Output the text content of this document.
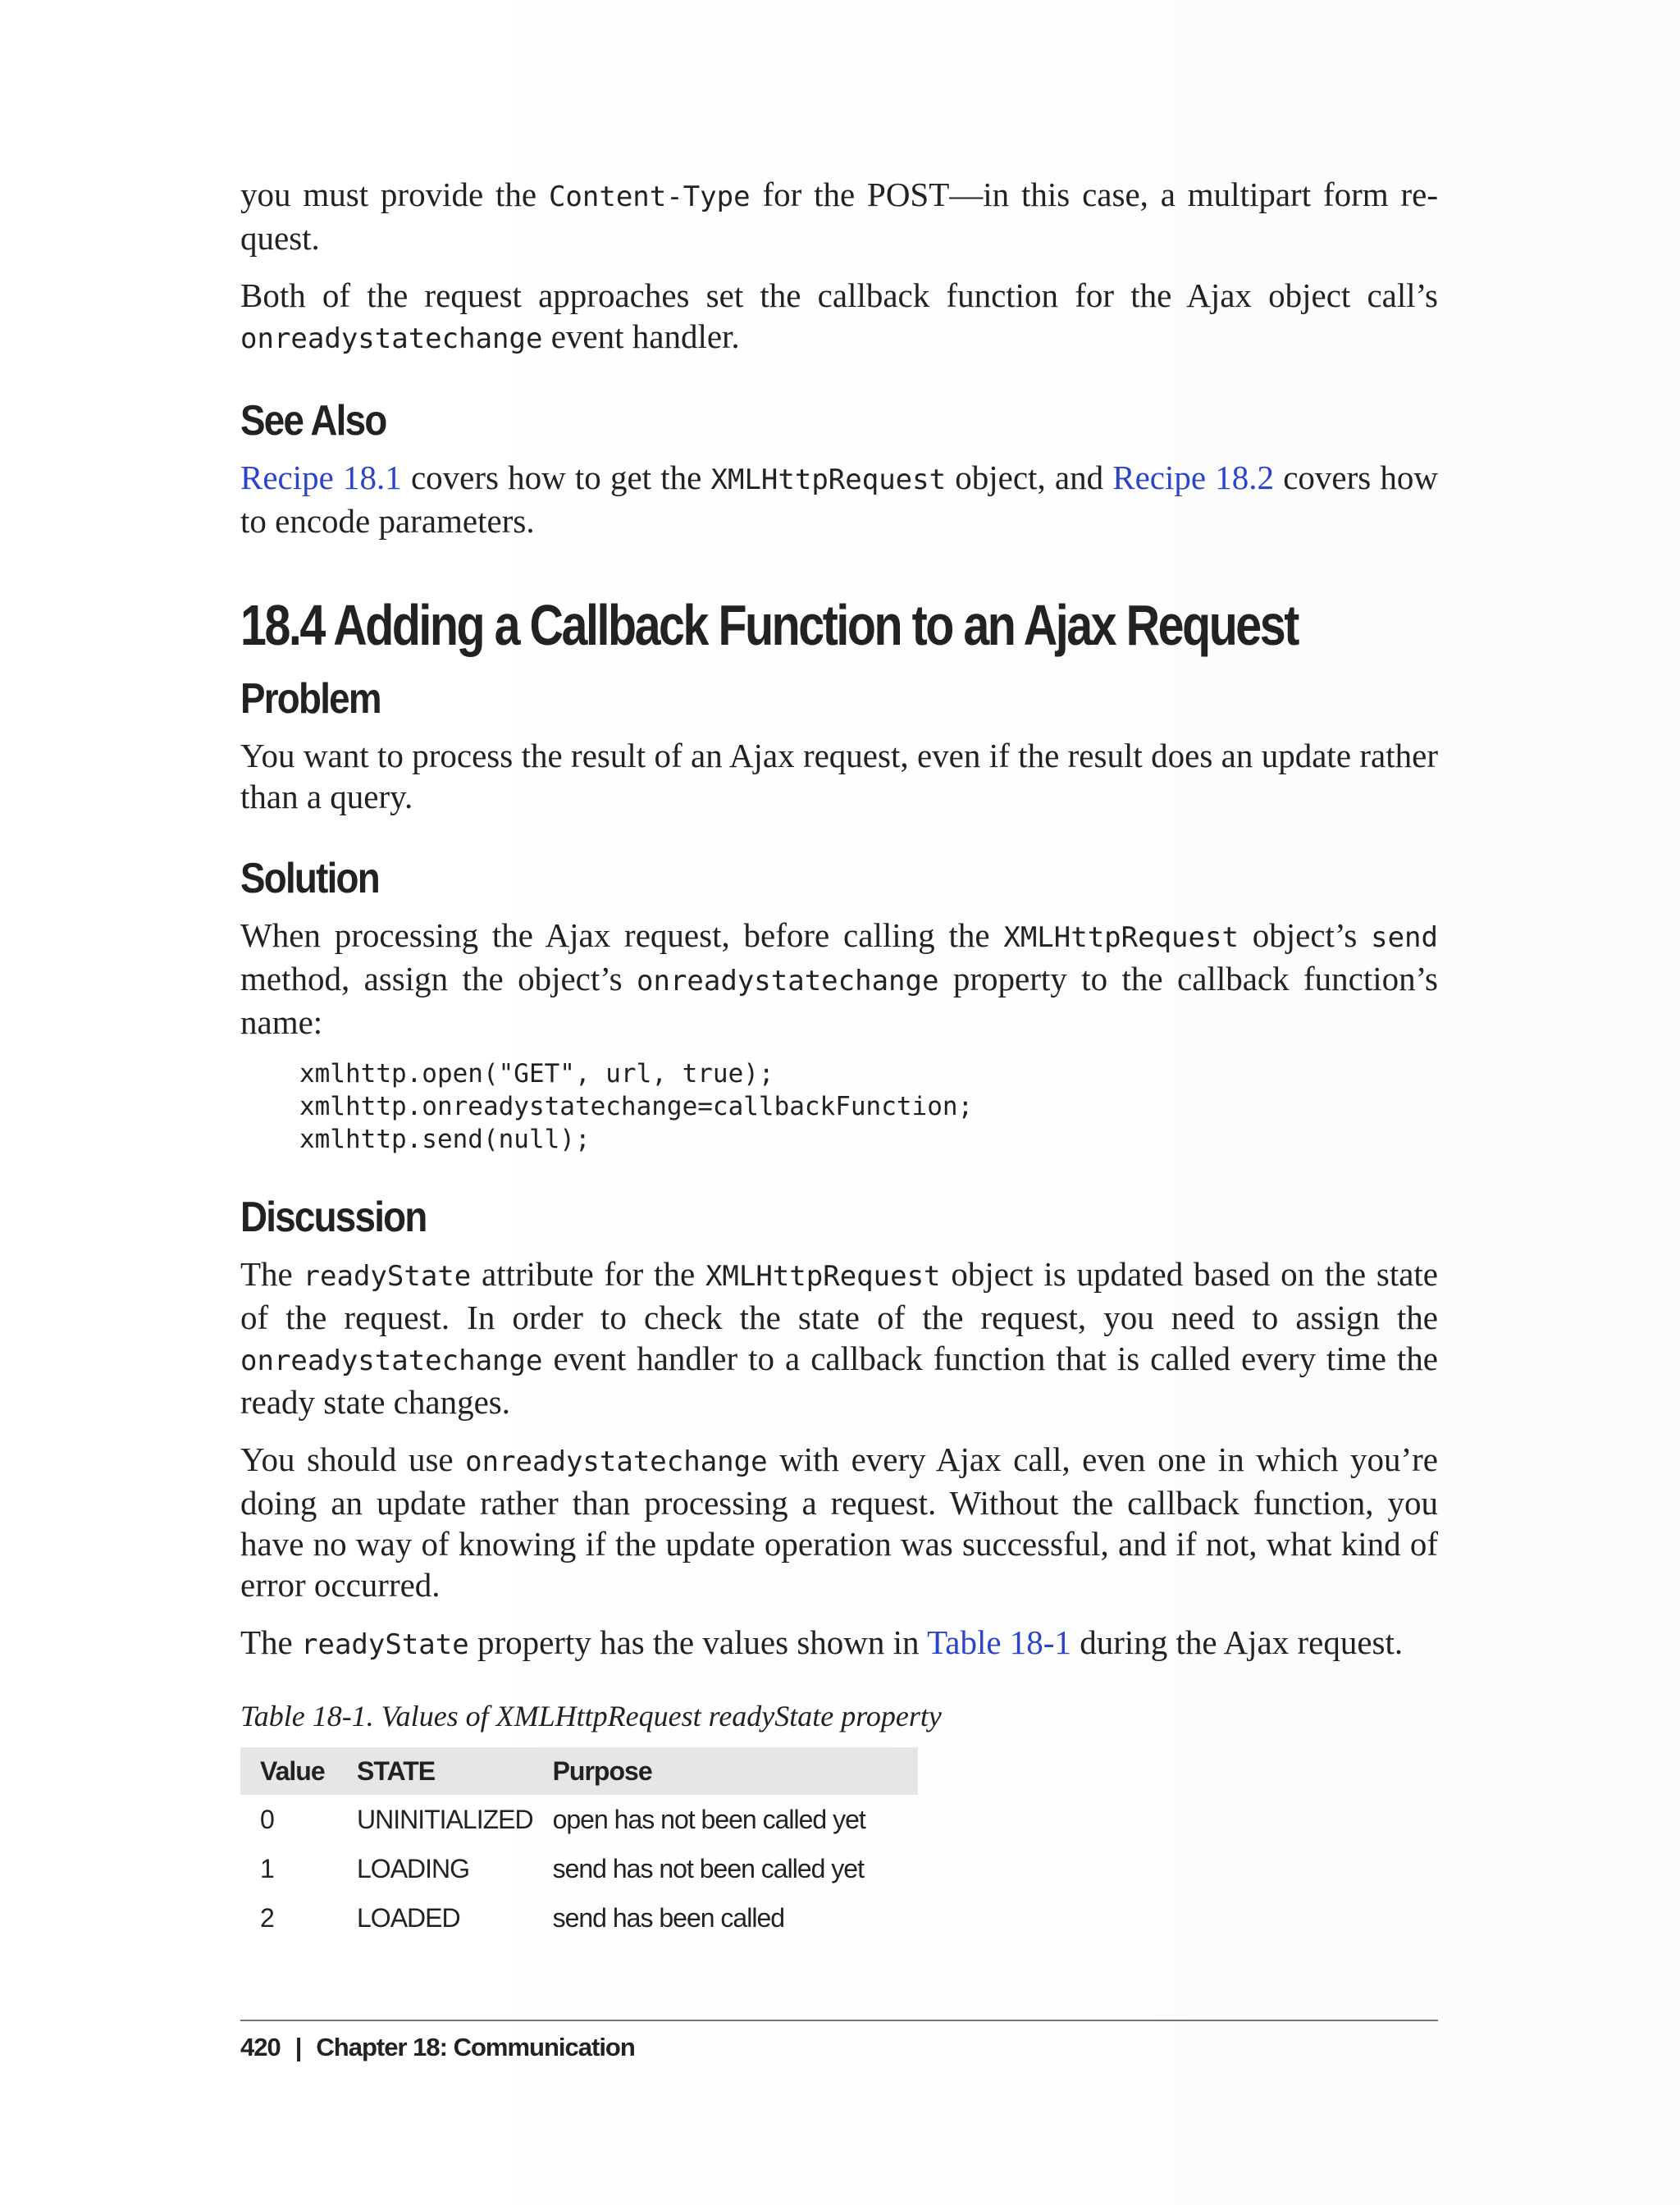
you must provide the Content-Type for the POST—in this case, a multipart form re-quest.

Both of the request approaches set the callback function for the Ajax object call’s onreadystatechange event handler.

See Also

Recipe 18.1 covers how to get the XMLHttpRequest object, and Recipe 18.2 covers how to encode parameters.

18.4 Adding a Callback Function to an Ajax Request
Problem

You want to process the result of an Ajax request, even if the result does an update rather than a query.

Solution

When processing the Ajax request, before calling the XMLHttpRequest object’s send method, assign the object’s onreadystatechange property to the callback function’s name:

xmlhttp.open("GET", url, true);
xmlhttp.onreadystatechange=callbackFunction;
xmlhttp.send(null);
Discussion

The readyState attribute for the XMLHttpRequest object is updated based on the state of the request. In order to check the state of the request, you need to assign the onreadystatechange event handler to a callback function that is called every time the ready state changes.

You should use onreadystatechange with every Ajax call, even one in which you’re doing an update rather than processing a request. Without the callback function, you have no way of knowing if the update operation was successful, and if not, what kind of error occurred.

The readyState property has the values shown in Table 18-1 during the Ajax request.

Table 18-1. Values of XMLHttpRequest readyState property
Value	STATE	Purpose
0	UNINITIALIZED	open has not been called yet
1	LOADING	send has not been called yet
2	LOADED	send has been called
420 | Chapter 18: Communication
